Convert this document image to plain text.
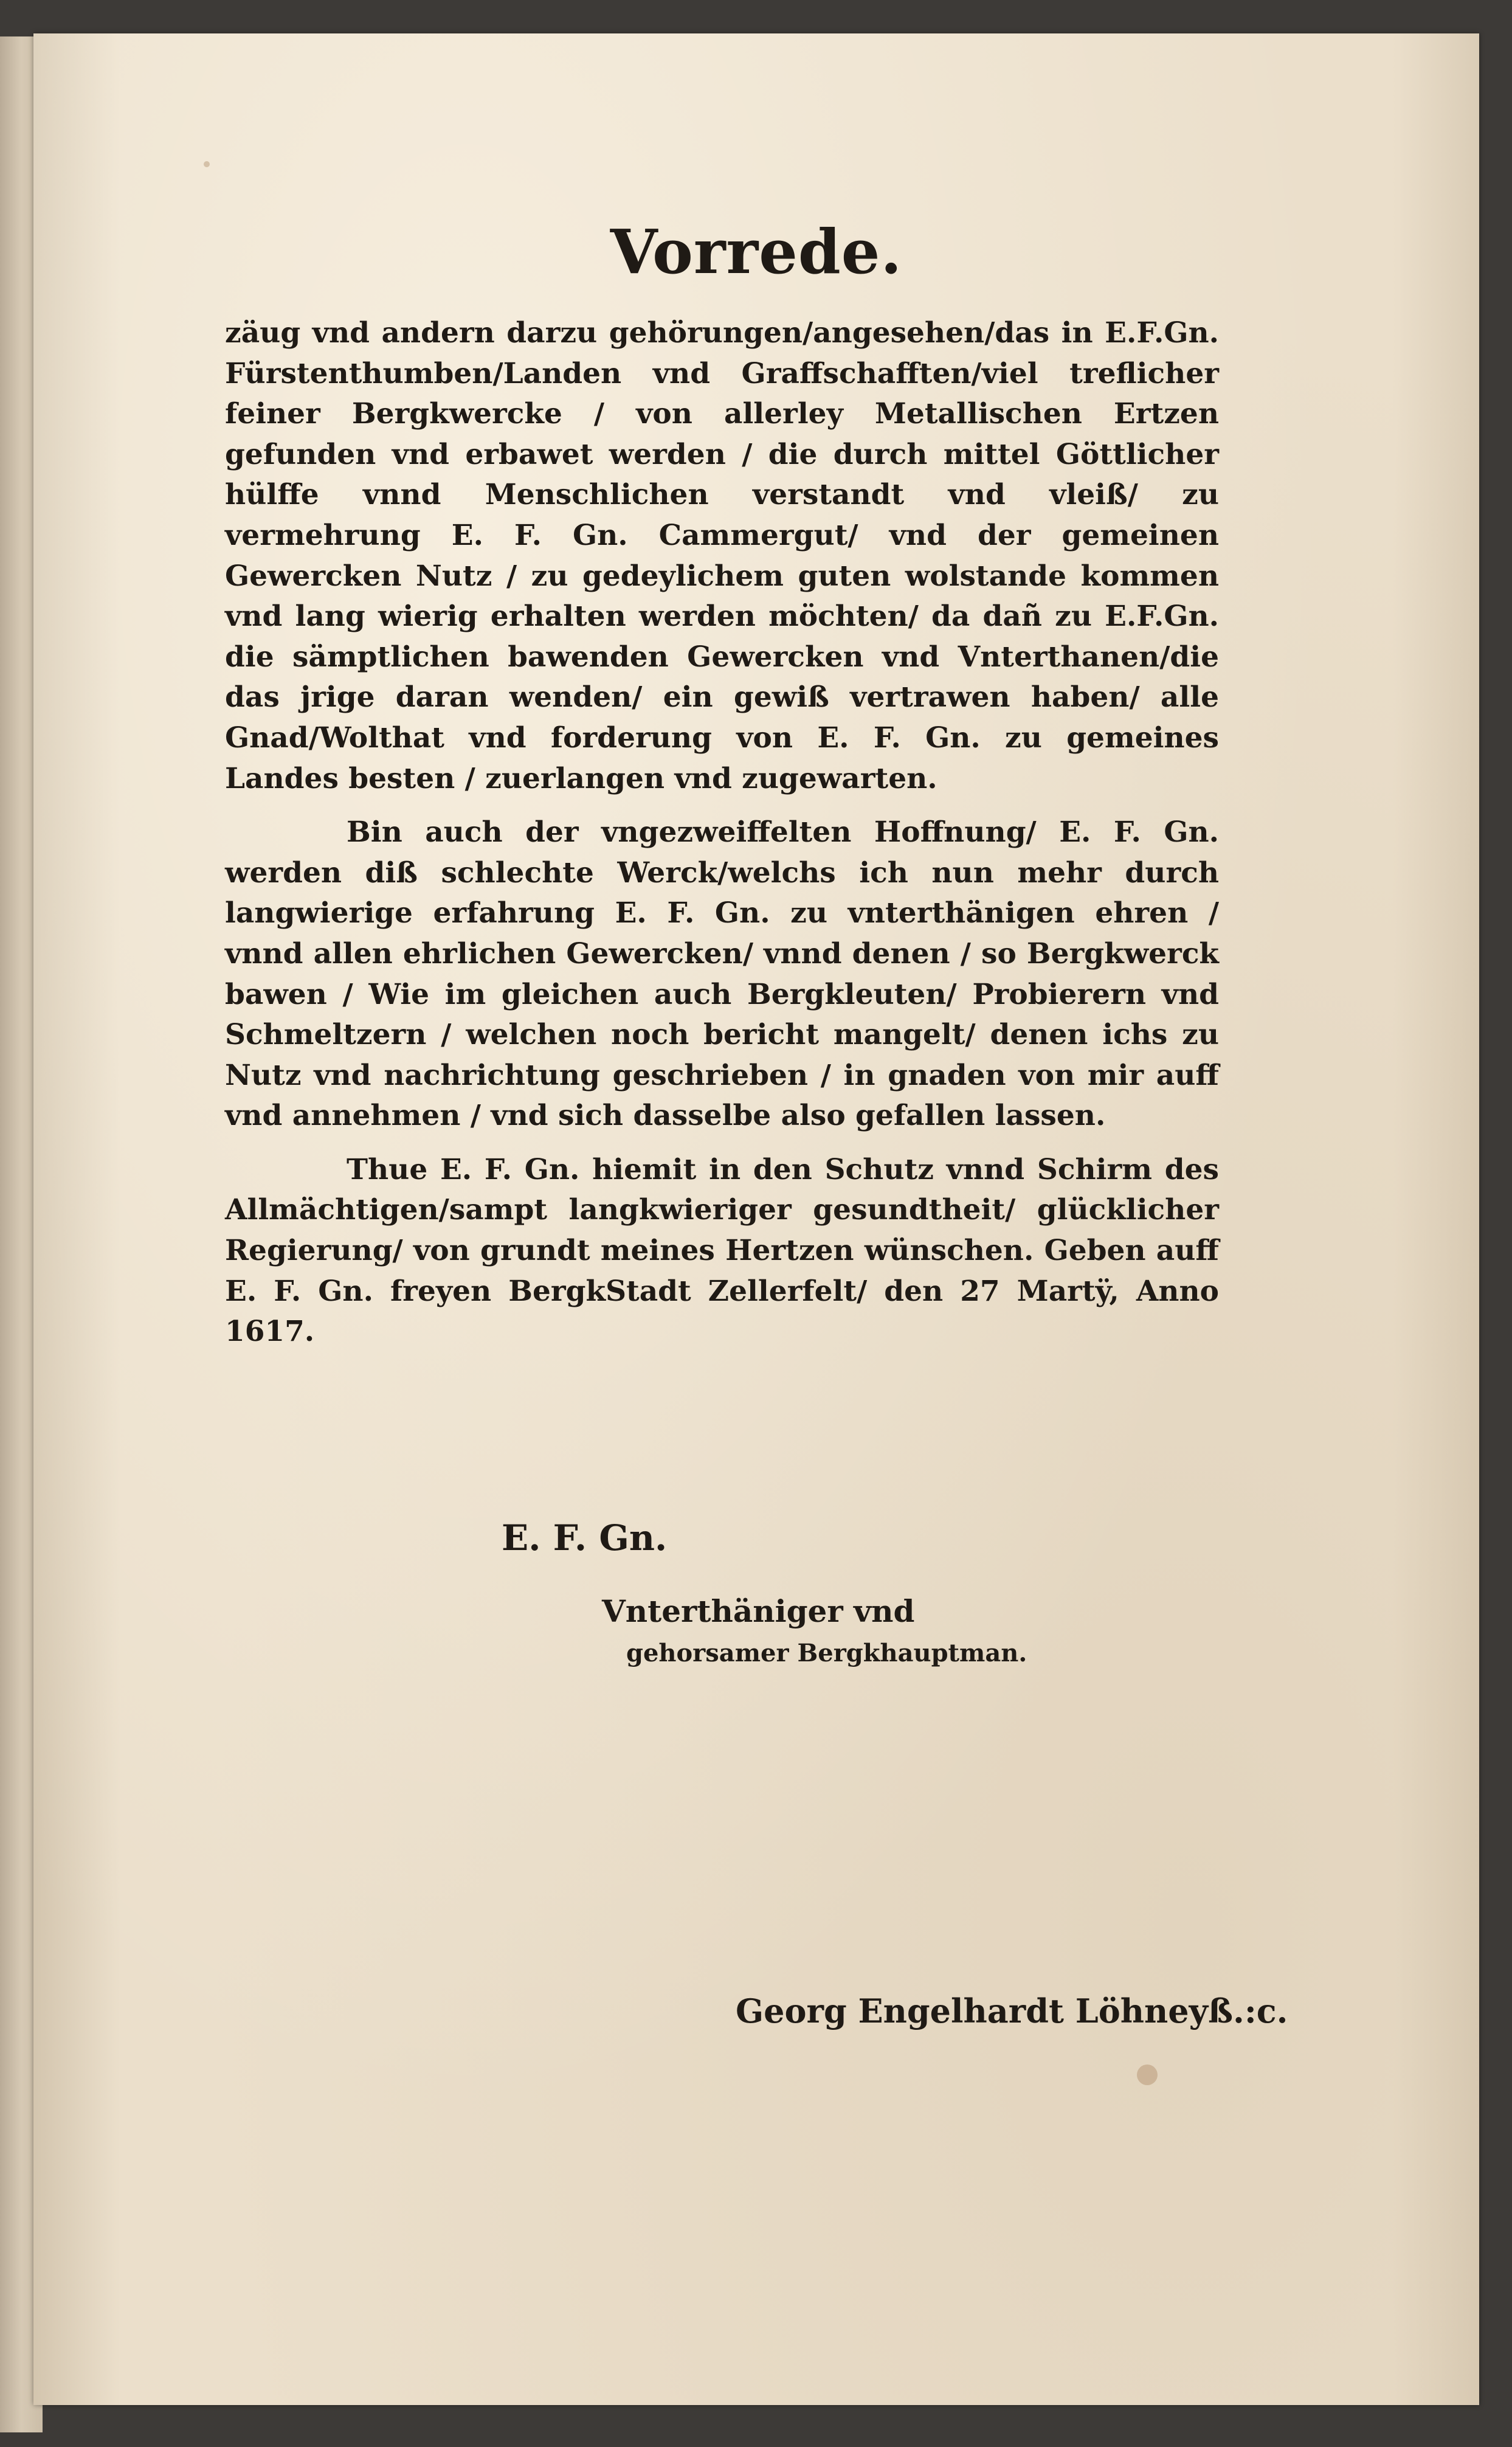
Vorrede.

zäug vnd andern darzu gehörungen/angesehen/das in E.F.Gn. Fürstenthumben/Landen vnd Graffschafften/viel treflicher feiner Bergkwercke / von allerley Metallischen Ertzen gefunden vnd erbawet werden / die durch mittel Göttlicher hülffe vnnd Menschlichen verstandt vnd vleiß/ zu vermehrung E. F. Gn. Cammergut/ vnd der gemeinen Gewercken Nutz / zu gedeylichem guten wolstande kommen vnd lang wierig erhalten werden möchten/ da dañ zu E.F.Gn. die sämptlichen bawenden Gewercken vnd Vnterthanen/die das jrige daran wenden/ ein gewiß vertrawen haben/ alle Gnad/Wolthat vnd forderung von E. F. Gn. zu gemeines Landes besten / zuerlangen vnd zugewarten.

Bin auch der vngezweiffelten Hoffnung/ E. F. Gn. werden diß schlechte Werck/welchs ich nun mehr durch langwierige erfahrung E. F. Gn. zu vnterthänigen ehren / vnnd allen ehrlichen Gewercken/ vnnd denen / so Bergkwerck bawen / Wie im gleichen auch Bergkleuten/ Probierern vnd Schmeltzern / welchen noch bericht mangelt/ denen ichs zu Nutz vnd nachrichtung geschrieben / in gnaden von mir auff vnd annehmen / vnd sich dasselbe also gefallen lassen.

Thue E. F. Gn. hiemit in den Schutz vnnd Schirm des Allmächtigen/sampt langkwieriger gesundtheit/ glücklicher Regierung/ von grundt meines Hertzen wünschen. Geben auff E. F. Gn. freyen BergkStadt Zellerfelt/ den 27 Martÿ, Anno 1617.

E. F. Gn.
Vnterthäniger vnd
gehorsamer Bergkhauptman.
Georg Engelhardt Löhneyß.:c.
